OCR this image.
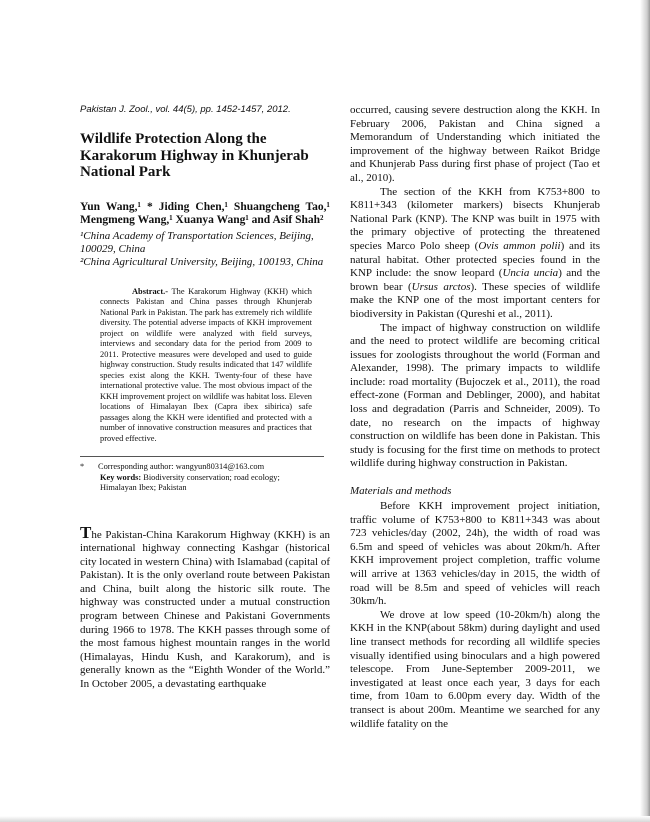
Pakistan J. Zool., vol. 44(5), pp. 1452-1457, 2012.

Wildlife Protection Along the Karakorum Highway in Khunjerab National Park

Yun Wang,¹ * Jiding Chen,¹ Shuangcheng Tao,¹ Mengmeng Wang,¹ Xuanya Wang¹ and Asif Shah²

¹China Academy of Transportation Sciences, Beijing, 100029, China

²China Agricultural University, Beijing, 100193, China

Abstract.- The Karakorum Highway (KKH) which connects Pakistan and China passes through Khunjerab National Park in Pakistan. The park has extremely rich wildlife diversity. The potential adverse impacts of KKH improvement project on wildlife were analyzed with field surveys, interviews and secondary data for the period from 2009 to 2011. Protective measures were developed and used to guide highway construction. Study results indicated that 147 wildlife species exist along the KKH. Twenty-four of these have international protective value. The most obvious impact of the KKH improvement project on wildlife was habitat loss. Eleven locations of Himalayan Ibex (Capra ibex sibirica) safe passages along the KKH were identified and protected with a number of innovative construction measures and practices that proved effective.

* Corresponding author: wangyun80314@163.com

Key words: Biodiversity conservation; road ecology; Himalayan Ibex; Pakistan

The Pakistan-China Karakorum Highway (KKH) is an international highway connecting Kashgar (historical city located in western China) with Islamabad (capital of Pakistan). It is the only overland route between Pakistan and China, built along the historic silk route. The highway was constructed under a mutual construction program between Chinese and Pakistani Governments during 1966 to 1978. The KKH passes through some of the most famous highest mountain ranges in the world (Himalayas, Hindu Kush, and Karakorum), and is generally known as the “Eighth Wonder of the World.” In October 2005, a devastating earthquake

occurred, causing severe destruction along the KKH. In February 2006, Pakistan and China signed a Memorandum of Understanding which initiated the improvement of the highway between Raikot Bridge and Khunjerab Pass during first phase of project (Tao et al., 2010).

The section of the KKH from K753+800 to K811+343 (kilometer markers) bisects Khunjerab National Park (KNP). The KNP was built in 1975 with the primary objective of protecting the threatened species Marco Polo sheep (Ovis ammon polii) and its natural habitat. Other protected species found in the KNP include: the snow leopard (Uncia uncia) and the brown bear (Ursus arctos). These species of wildlife make the KNP one of the most important centers for biodiversity in Pakistan (Qureshi et al., 2011).

The impact of highway construction on wildlife and the need to protect wildlife are becoming critical issues for zoologists throughout the world (Forman and Alexander, 1998). The primary impacts to wildlife include: road mortality (Bujoczek et al., 2011), the road effect-zone (Forman and Deblinger, 2000), and habitat loss and degradation (Parris and Schneider, 2009). To date, no research on the impacts of highway construction on wildlife has been done in Pakistan. This study is focusing for the first time on methods to protect wildlife during highway construction in Pakistan.

Materials and methods

Before KKH improvement project initiation, traffic volume of K753+800 to K811+343 was about 723 vehicles/day (2002, 24h), the width of road was 6.5m and speed of vehicles was about 20km/h. After KKH improvement project completion, traffic volume will arrive at 1363 vehicles/day in 2015, the width of road will be 8.5m and speed of vehicles will reach 30km/h.

We drove at low speed (10-20km/h) along the KKH in the KNP(about 58km) during daylight and used line transect methods for recording all wildlife species visually identified using binoculars and a high powered telescope. From June-September 2009-2011, we investigated at least once each year, 3 days for each time, from 10am to 6.00pm every day. Width of the transect is about 200m. Meantime we searched for any wildlife fatality on the
